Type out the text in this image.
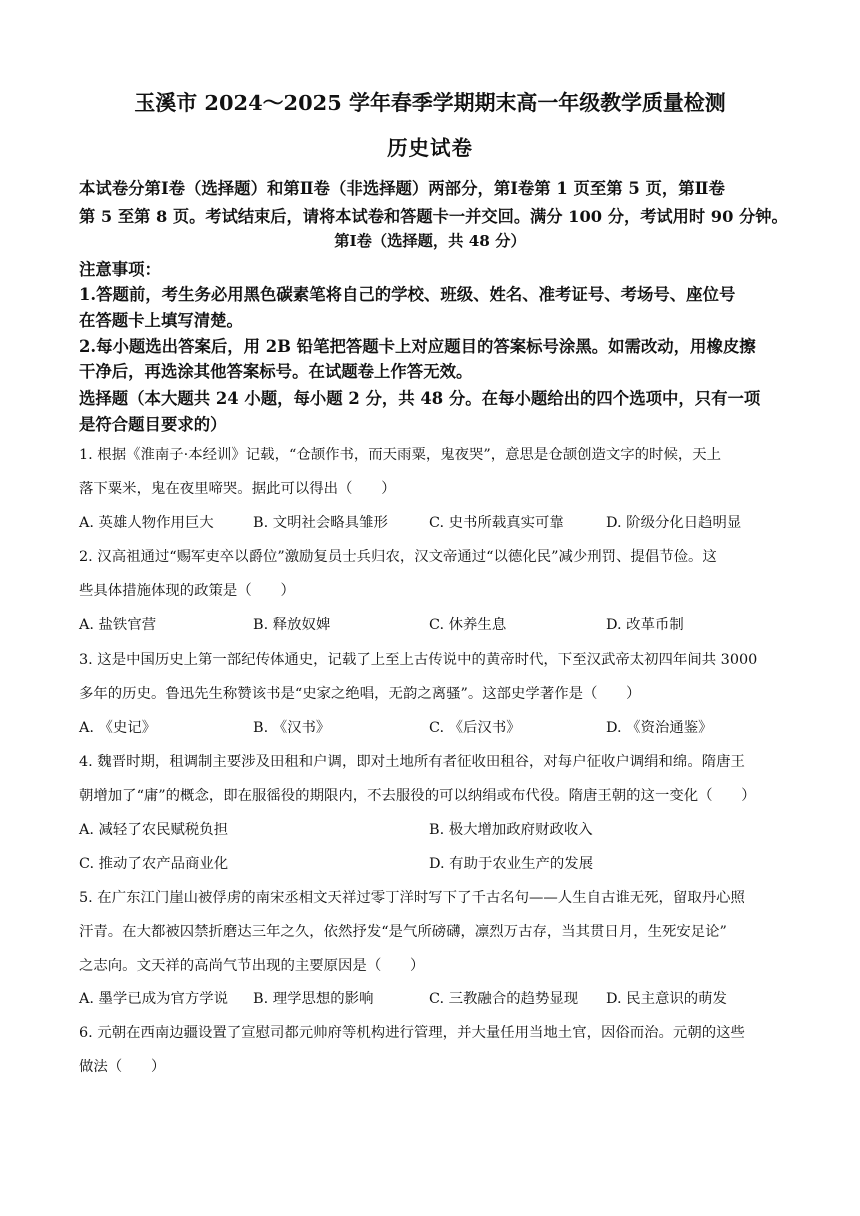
玉溪市 2024～2025 学年春季学期期末高一年级教学质量检测
历史试卷
本试卷分第Ⅰ卷（选择题）和第Ⅱ卷（非选择题）两部分，第Ⅰ卷第 1 页至第 5 页，第Ⅱ卷
第 5 至第 8 页。考试结束后，请将本试卷和答题卡一并交回。满分 100 分，考试用时 90 分钟。
第Ⅰ卷（选择题，共 48 分）
注意事项：
1.答题前，考生务必用黑色碳素笔将自己的学校、班级、姓名、准考证号、考场号、座位号
在答题卡上填写清楚。
2.每小题选出答案后，用 2B 铅笔把答题卡上对应题目的答案标号涂黑。如需改动，用橡皮擦
干净后，再选涂其他答案标号。在试题卷上作答无效。
选择题（本大题共 24 小题，每小题 2 分，共 48 分。在每小题给出的四个选项中，只有一项
是符合题目要求的）
1. 根据《淮南子·本经训》记载，“仓颉作书，而天雨粟，鬼夜哭”，意思是仓颉创造文字的时候，天上
落下粟米，鬼在夜里啼哭。据此可以得出（　　）
A. 英雄人物作用巨大	B. 文明社会略具雏形	C. 史书所载真实可靠	D. 阶级分化日趋明显
2. 汉高祖通过“赐军吏卒以爵位”激励复员士兵归农，汉文帝通过“以德化民”减少刑罚、提倡节俭。这
些具体措施体现的政策是（　　）
A. 盐铁官营	B. 释放奴婢	C. 休养生息	D. 改革币制
3. 这是中国历史上第一部纪传体通史，记载了上至上古传说中的黄帝时代，下至汉武帝太初四年间共 3000
多年的历史。鲁迅先生称赞该书是“史家之绝唱，无韵之离骚”。这部史学著作是（　　）
A. 《史记》	B. 《汉书》	C. 《后汉书》	D. 《资治通鉴》
4. 魏晋时期，租调制主要涉及田租和户调，即对土地所有者征收田租谷，对每户征收户调绢和绵。隋唐王
朝增加了“庸”的概念，即在服徭役的期限内，不去服役的可以纳绢或布代役。隋唐王朝的这一变化（　　）
A. 减轻了农民赋税负担	B. 极大增加政府财政收入
C. 推动了农产品商业化	D. 有助于农业生产的发展
5. 在广东江门崖山被俘虏的南宋丞相文天祥过零丁洋时写下了千古名句——人生自古谁无死，留取丹心照
汗青。在大都被囚禁折磨达三年之久，依然抒发“是气所磅礴，凛烈万古存，当其贯日月，生死安足论”
之志向。文天祥的高尚气节出现的主要原因是（　　）
A. 墨学已成为官方学说 B. 理学思想的影响	C. 三教融合的趋势显现 D. 民主意识的萌发
6. 元朝在西南边疆设置了宣慰司都元帅府等机构进行管理，并大量任用当地土官，因俗而治。元朝的这些
做法（　　）
